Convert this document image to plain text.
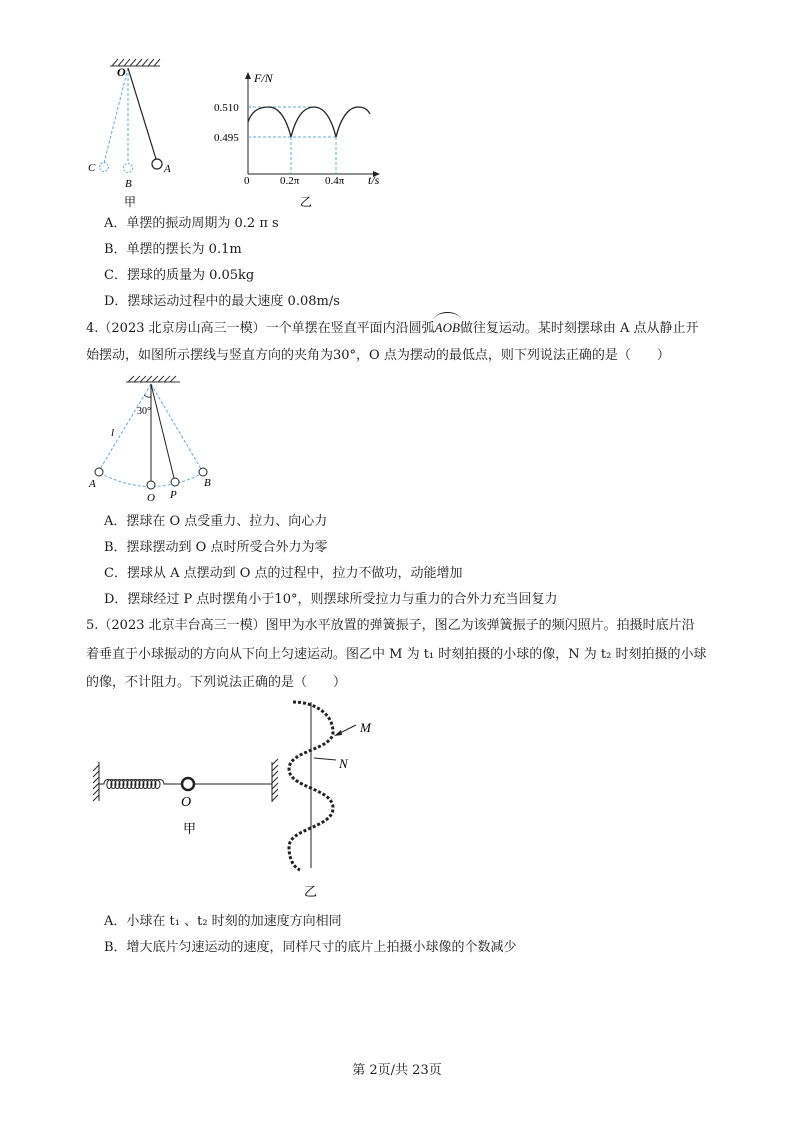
O
C
B
A
甲
F/N
0.510
0.495
0	0.2π 0.4π t/s
乙
A．单摆的振动周期为 0.2 π s
B．单摆的摆长为 0.1m
C．摆球的质量为 0.05kg
D．摆球运动过程中的最大速度 0.08m/s
4.（2023 北京房山高三一模）一个单摆在竖直平面内沿圆弧AOB做往复运动。某时刻摆球由 A 点从静止开
始摆动，如图所示摆线与竖直方向的夹角为30°，O 点为摆动的最低点，则下列说法正确的是（　　）
30°
l
A
O P
B
A．摆球在 O 点受重力、拉力、向心力
B．摆球摆动到 O 点时所受合外力为零
C．摆球从 A 点摆动到 O 点的过程中，拉力不做功，动能增加
D．摆球经过 P 点时摆角小于10°，则摆球所受拉力与重力的合外力充当回复力
5.（2023 北京丰台高三一模）图甲为水平放置的弹簧振子，图乙为该弹簧振子的频闪照片。拍摄时底片沿
着垂直于小球振动的方向从下向上匀速运动。图乙中 M 为 t₁ 时刻拍摄的小球的像，N 为 t₂ 时刻拍摄的小球
的像，不计阻力。下列说法正确的是（　　）
O
甲
M
N
乙
A．小球在 t₁ 、t₂ 时刻的加速度方向相同
B．增大底片匀速运动的速度，同样尺寸的底片上拍摄小球像的个数减少
第 2页/共 23页
